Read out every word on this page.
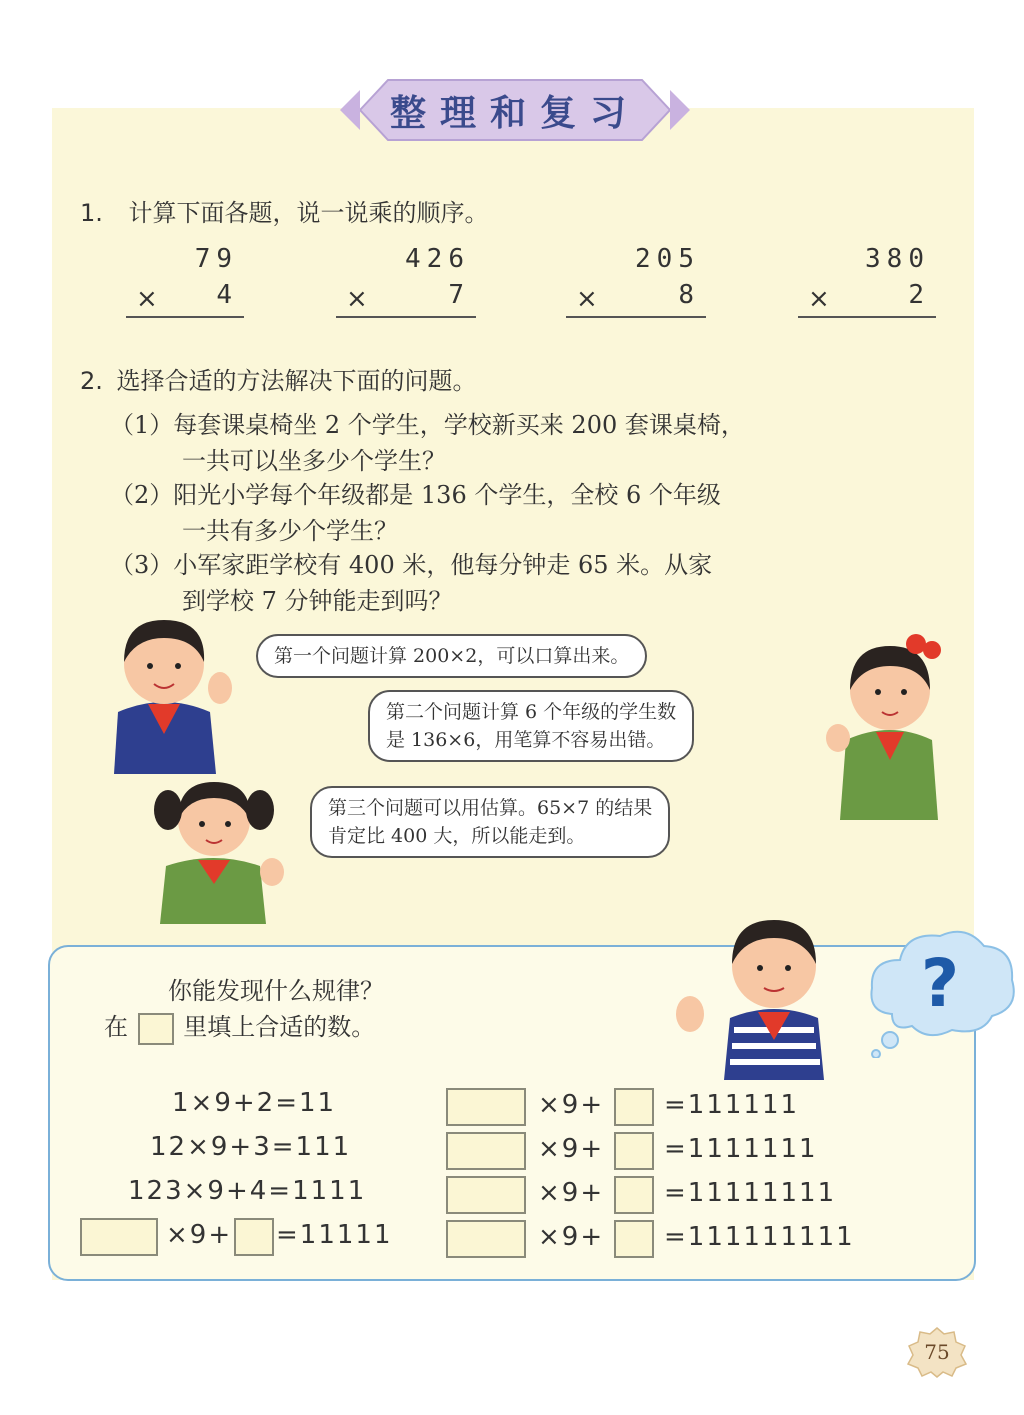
整理和复习
1. 计算下面各题，说一说乘的顺序。
79
× 4
426
×	7
205
×	8
380
×	2
2. 选择合适的方法解决下面的问题。
（1）每套课桌椅坐 2 个学生，学校新买来 200 套课桌椅，
一共可以坐多少个学生？
（2）阳光小学每个年级都是 136 个学生，全校 6 个年级
一共有多少个学生？
（3）小军家距学校有 400 米，他每分钟走 65 米。从家
到学校 7 分钟能走到吗？
第一个问题计算 200×2，可以口算出来。
第二个问题计算 6 个年级的学生数
是 136×6，用笔算不容易出错。
第三个问题可以用估算。65×7 的结果
肯定比 400 大，所以能走到。
?
你能发现什么规律？
在 里填上合适的数。
1×9+2=11
12×9+3=111
123×9+4=1111
×9+ =11111
×9+ =111111
×9+ =1111111
×9+ =11111111
×9+ =111111111
75
